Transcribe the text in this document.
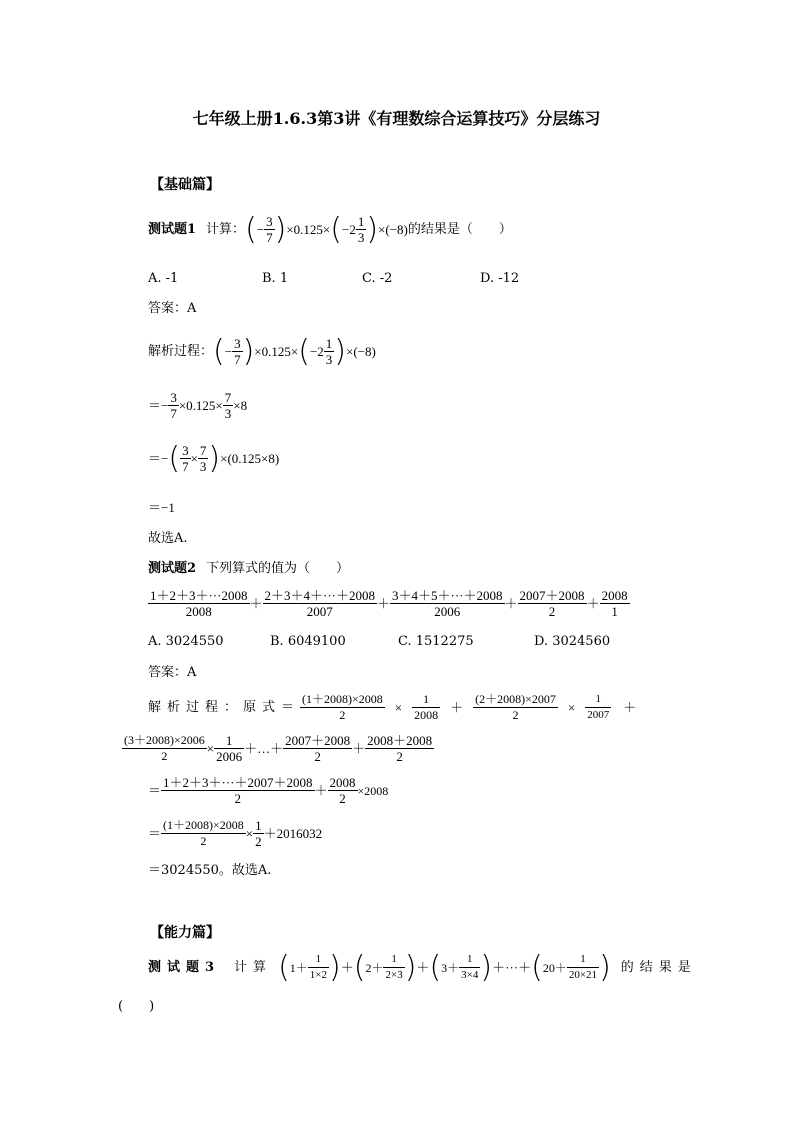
七年级上册1.6.3第3讲《有理数综合运算技巧》分层练习
【基础篇】
测试题1 计算： ( − $\frac{3}{7}$ ) ×0.125× ( $-2 \frac{1}{3}$ ) ×(−8) 的结果是（　　）
A. -1	B. 1	C. -2	D. -12
答案：A
解析过程： ( − $\frac{3}{7}$ ) ×0.125× ( $-2 \frac{1}{3}$ ) ×(−8)
＝− $\frac{3}{7} \times 0.125\times \frac{7}{3} \times 8$
＝− ( $\frac{3}{7} \times \frac{7}{3}$ ) ×(0.125×8)
＝−1
故选A.
测试题2 下列算式的值为（　　）
$\frac{1+2+3+\cdot\cdot\cdot 2008}{2008} + \frac{2+3+4+\cdot\cdot\cdot+2008}{2007} + \frac{3+4+5+\cdot\cdot\cdot+2008}{2006} + \frac{2007+2008}{2} + \frac{2008}{1}$
A. 3024550	B. 6049100	C. 1512275	D. 3024560
答案：A
解析过程：原式＝ $\frac{(1+2008)\times 2008}{2} \times \frac{1}{2008} + \frac{(2+2008)\times 2007}{2} \times \frac{1}{2007}$ ＋
$\frac{(3+2008)\times 2006}{2} \times \frac{1}{2006}$ ＋…＋ $\frac{2007+2008}{2} + \frac{2008+2008}{2}$
＝ $\frac{1+2+3+\cdot\cdot\cdot+2007+2008}{2} + \frac{2008}{2} \times 2008$
＝ $\frac{(1+2008)\times 2008}{2} \times \frac{1}{2} +2016032$
＝3024550。故选A.
【能力篇】
测试题3 计算 ( $1+ \frac{1}{1\times 2}$ ) ＋ ( $2+ \frac{1}{2\times 3}$ ) ＋ ( $3+ \frac{1}{3\times 4}$ ) ＋···＋ ( $20+ \frac{1}{20\times 21}$ ) 的结果是
(　　)
